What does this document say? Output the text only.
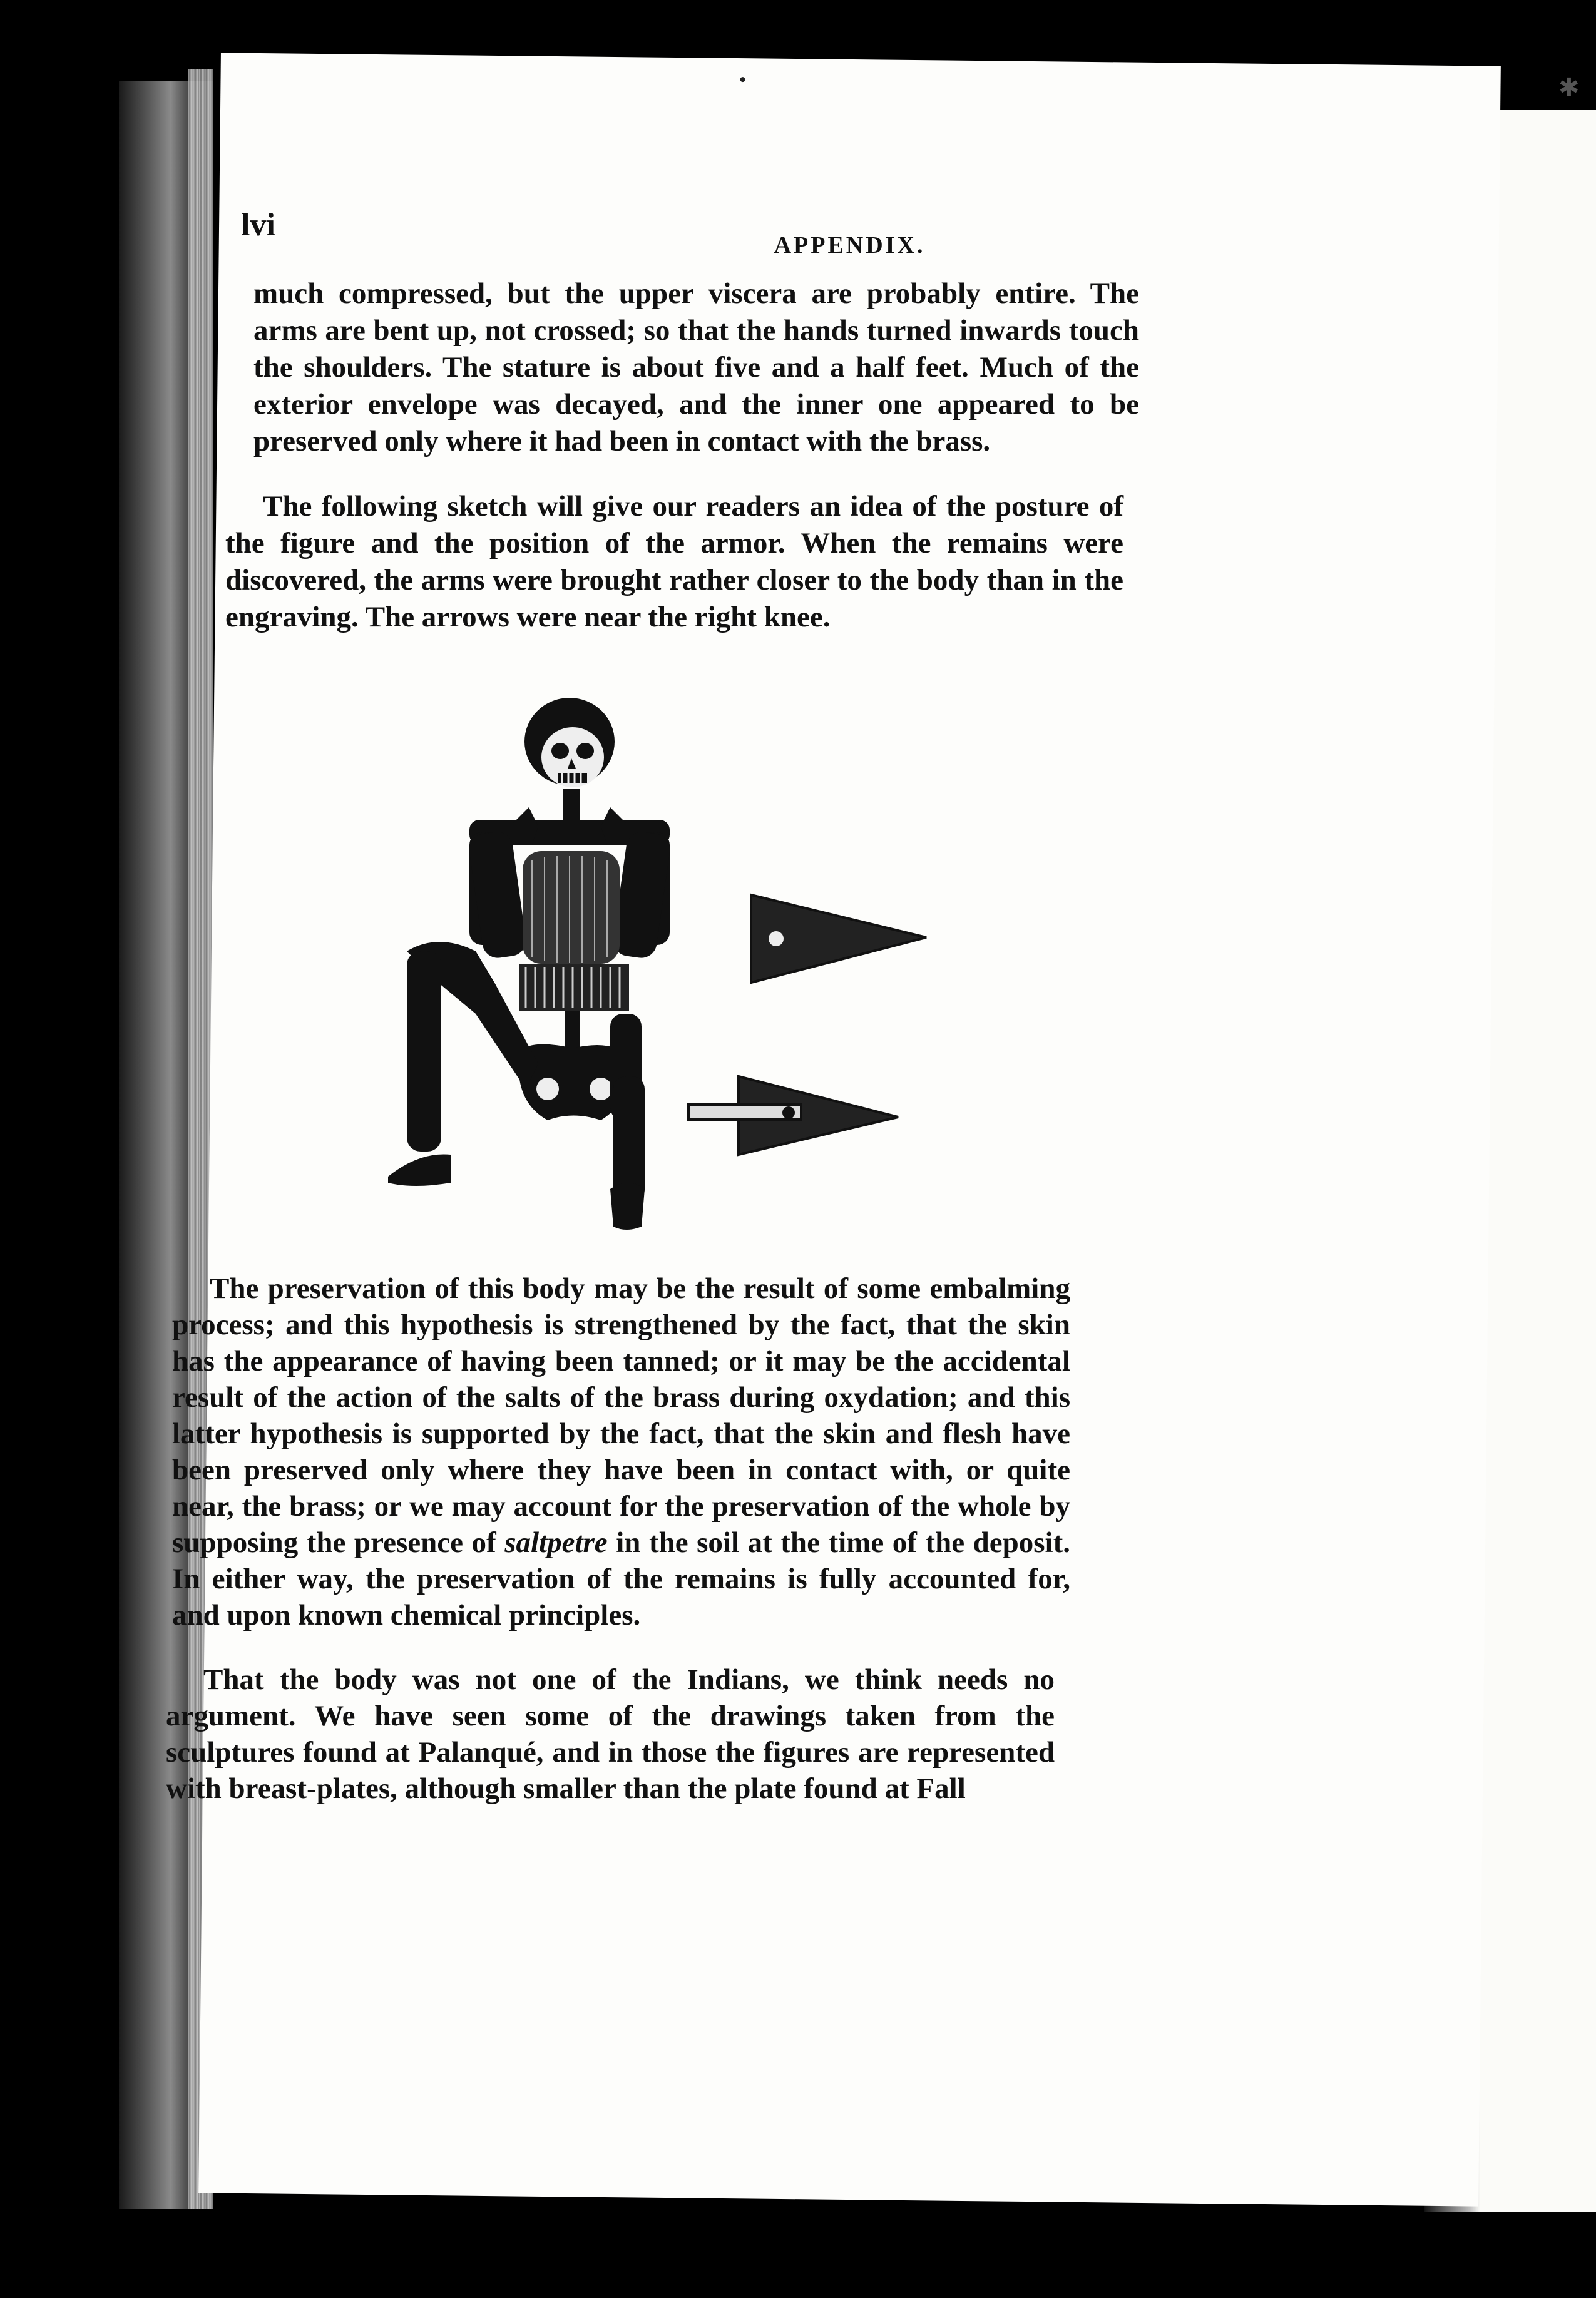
✱
lvi
APPENDIX.

much compressed, but the upper viscera are probably entire. The arms are bent up, not crossed; so that the hands turned inwards touch the shoulders. The stature is about five and a half feet. Much of the exterior envelope was decayed, and the inner one appeared to be preserved only where it had been in contact with the brass.

The following sketch will give our readers an idea of the posture of the figure and the position of the armor. When the remains were discovered, the arms were brought rather closer to the body than in the engraving. The arrows were near the right knee.

The preservation of this body may be the result of some embalming process; and this hypothesis is strengthened by the fact, that the skin has the appearance of having been tanned; or it may be the accidental result of the action of the salts of the brass during oxydation; and this latter hypothesis is supported by the fact, that the skin and flesh have been preserved only where they have been in contact with, or quite near, the brass; or we may account for the preservation of the whole by supposing the presence of saltpetre in the soil at the time of the deposit. In either way, the preservation of the remains is fully accounted for, and upon known chemical principles.

That the body was not one of the Indians, we think needs no argument. We have seen some of the drawings taken from the sculptures found at Palanqué, and in those the figures are represented with breast-plates, although smaller than the plate found at Fall
